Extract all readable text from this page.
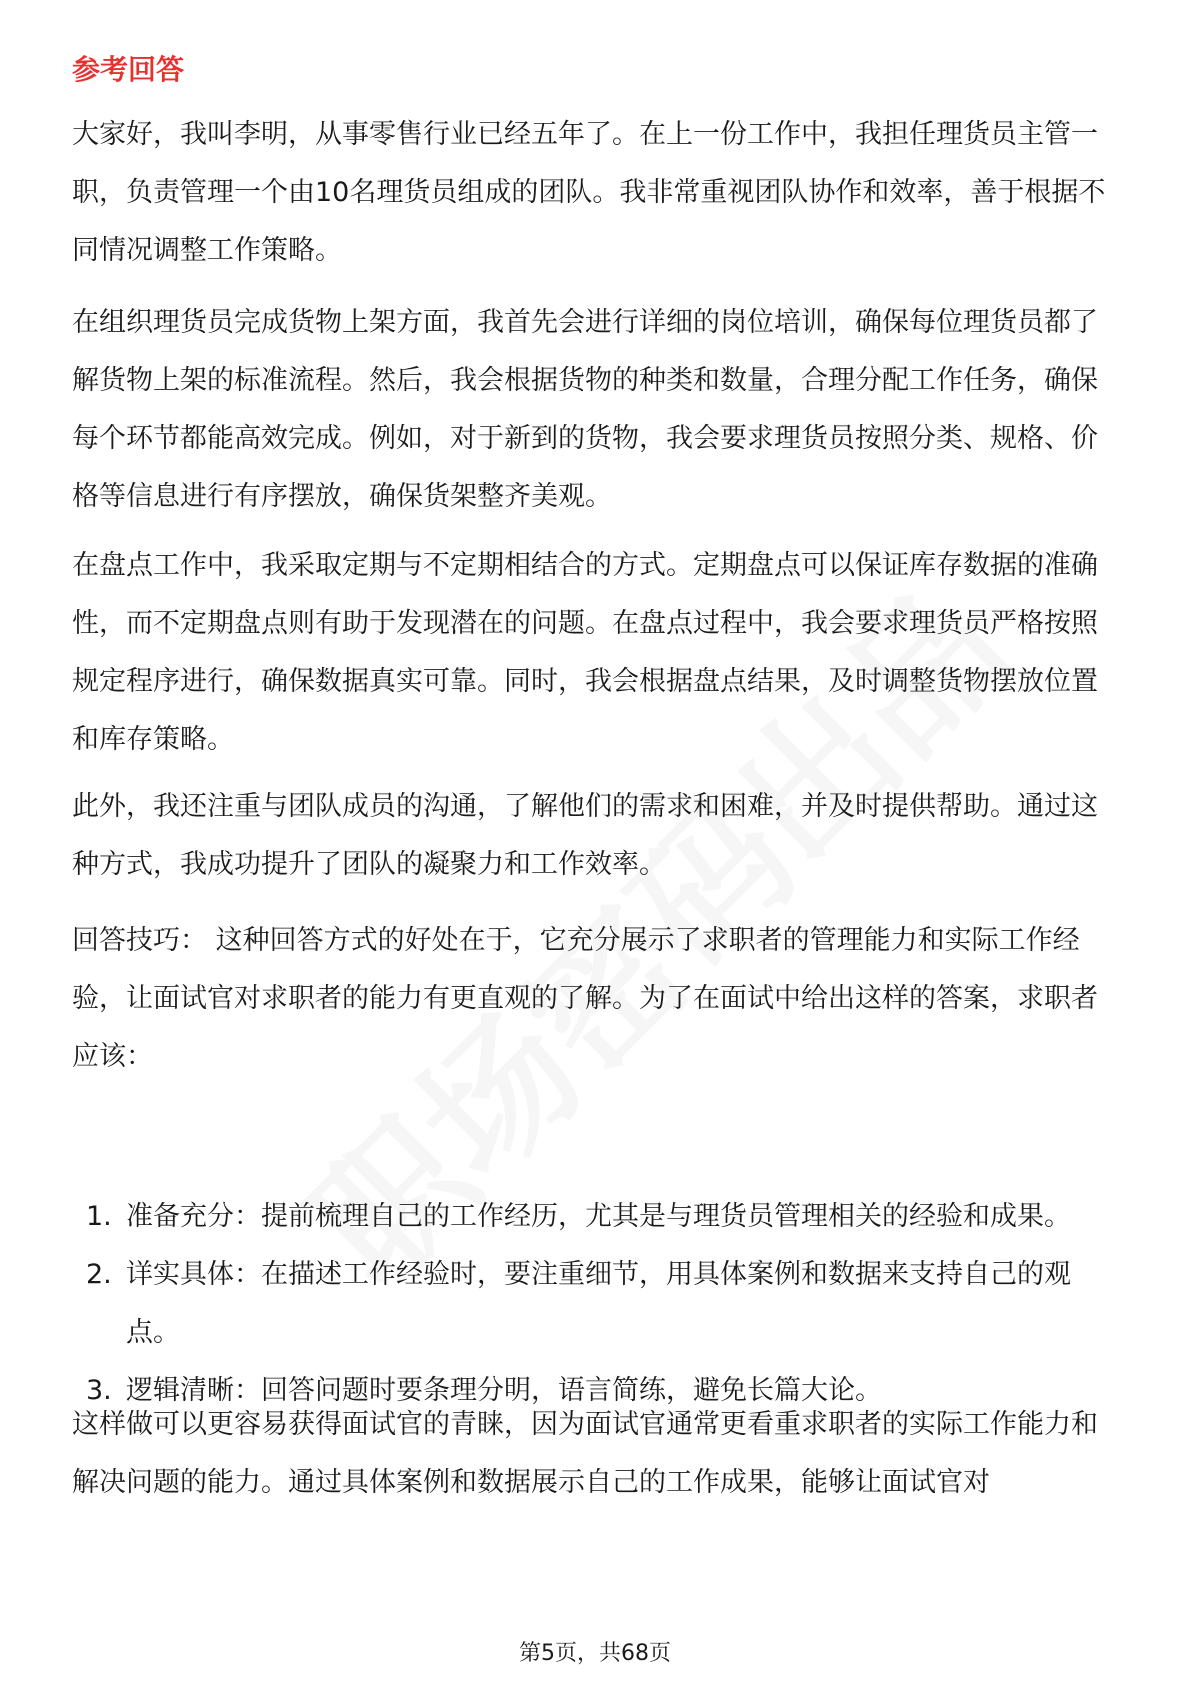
参考回答

大家好，我叫李明，从事零售行业已经五年了。在上一份工作中，我担任理货员主管一职，负责管理一个由10名理货员组成的团队。我非常重视团队协作和效率，善于根据不同情况调整工作策略。

在组织理货员完成货物上架方面，我首先会进行详细的岗位培训，确保每位理货员都了解货物上架的标准流程。然后，我会根据货物的种类和数量，合理分配工作任务，确保每个环节都能高效完成。例如，对于新到的货物，我会要求理货员按照分类、规格、价格等信息进行有序摆放，确保货架整齐美观。

在盘点工作中，我采取定期与不定期相结合的方式。定期盘点可以保证库存数据的准确性，而不定期盘点则有助于发现潜在的问题。在盘点过程中，我会要求理货员严格按照规定程序进行，确保数据真实可靠。同时，我会根据盘点结果，及时调整货物摆放位置和库存策略。

此外，我还注重与团队成员的沟通，了解他们的需求和困难，并及时提供帮助。通过这种方式，我成功提升了团队的凝聚力和工作效率。

回答技巧： 这种回答方式的好处在于，它充分展示了求职者的管理能力和实际工作经验，让面试官对求职者的能力有更直观的了解。为了在面试中给出这样的答案，求职者应该：

1. 准备充分：提前梳理自己的工作经历，尤其是与理货员管理相关的经验和成果。
2. 详实具体：在描述工作经验时，要注重细节，用具体案例和数据来支持自己的观点。
3. 逻辑清晰：回答问题时要条理分明，语言简练，避免长篇大论。

这样做可以更容易获得面试官的青睐，因为面试官通常更看重求职者的实际工作能力和解决问题的能力。通过具体案例和数据展示自己的工作成果，能够让面试官对

第5页，共68页
